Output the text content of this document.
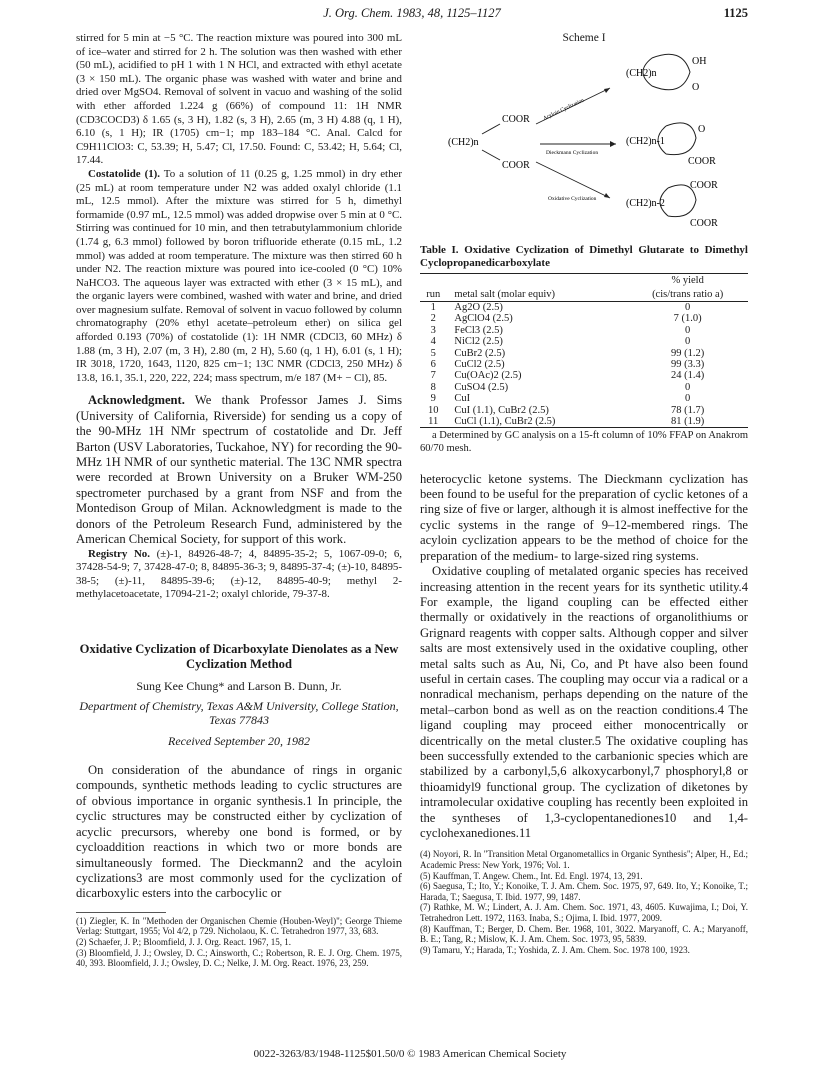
J. Org. Chem. 1983, 48, 1125–1127	1125

stirred for 5 min at −5 °C. The reaction mixture was poured into 300 mL of ice–water and stirred for 2 h. The solution was then washed with ether (50 mL), acidified to pH 1 with 1 N HCl, and extracted with ethyl acetate (3 × 150 mL). The organic phase was washed with water and brine and dried over MgSO4. Removal of solvent in vacuo and washing of the solid with ether afforded 1.224 g (66%) of compound 11: 1H NMR (CD3COCD3) δ 1.65 (s, 3 H), 1.82 (s, 3 H), 2.65 (m, 3 H) 4.88 (q, 1 H), 6.10 (s, 1 H); IR (1705) cm−1; mp 183–184 °C. Anal. Calcd for C9H11ClO3: C, 53.39; H, 5.47; Cl, 17.50. Found: C, 53.42; H, 5.64; Cl, 17.44.

Costatolide (1). To a solution of 11 (0.25 g, 1.25 mmol) in dry ether (25 mL) at room temperature under N2 was added oxalyl chloride (1.1 mL, 12.5 mmol). After the mixture was stirred for 5 h, dimethyl formamide (0.97 mL, 12.5 mmol) was added dropwise over 5 min at 0 °C. Stirring was continued for 10 min, and then tetrabutylammonium chloride (1.74 g, 6.3 mmol) followed by boron trifluoride etherate (0.15 mL, 1.2 mmol) was added at room temperature. The mixture was then stirred 60 h under N2. The reaction mixture was poured into ice-cooled (0 °C) 10% NaHCO3. The aqueous layer was extracted with ether (3 × 15 mL), and the organic layers were combined, washed with water and brine, and dried over magnesium sulfate. Removal of solvent in vacuo followed by column chromatography (20% ethyl acetate–petroleum ether) on silica gel afforded 0.193 (70%) of costatolide (1): 1H NMR (CDCl3, 60 MHz) δ 1.88 (m, 3 H), 2.07 (m, 3 H), 2.80 (m, 2 H), 5.60 (q, 1 H), 6.01 (s, 1 H); IR 3018, 1720, 1643, 1120, 825 cm−1; 13C NMR (CDCl3, 250 MHz) δ 13.8, 16.1, 35.1, 220, 222, 224; mass spectrum, m/e 187 (M+ − Cl), 85.

Acknowledgment. We thank Professor James J. Sims (University of California, Riverside) for sending us a copy of the 90-MHz 1H NMr spectrum of costatolide and Dr. Jeff Barton (USV Laboratories, Tuckahoe, NY) for recording the 90-MHz 1H NMR of our synthetic material. The 13C NMR spectra were recorded at Brown University on a Bruker WM-250 spectrometer purchased by a grant from NSF and from the Montedison Group of Milan. Acknowledgment is made to the donors of the Petroleum Research Fund, administered by the American Chemical Society, for support of this work.

Registry No. (±)-1, 84926-48-7; 4, 84895-35-2; 5, 1067-09-0; 6, 37428-54-9; 7, 37428-47-0; 8, 84895-36-3; 9, 84895-37-4; (±)-10, 84895-38-5; (±)-11, 84895-39-6; (±)-12, 84895-40-9; methyl 2-methylacetoacetate, 17094-21-2; oxalyl chloride, 79-37-8.

Oxidative Cyclization of Dicarboxylate Dienolates as a New Cyclization Method
Sung Kee Chung* and Larson B. Dunn, Jr.
Department of Chemistry, Texas A&M University, College Station, Texas 77843
Received September 20, 1982

On consideration of the abundance of rings in organic compounds, synthetic methods leading to cyclic structures are of obvious importance in organic synthesis.1 In principle, the cyclic structures may be constructed either by cyclization of acyclic precursors, whereby one bond is formed, or by cycloaddition reactions in which two or more bonds are simultaneously formed. The Dieckmann2 and the acyloin cyclizations3 are most commonly used for the cyclization of dicarboxylic esters into the carbocylic or

(1) Ziegler, K. In "Methoden der Organischen Chemie (Houben-Weyl)"; George Thieme Verlag: Stuttgart, 1955; Vol 4/2, p 729. Nicholaou, K. C. Tetrahedron 1977, 33, 683.
(2) Schaefer, J. P.; Bloomfield, J. J. Org. React. 1967, 15, 1.
(3) Bloomfield, J. J.; Owsley, D. C.; Ainsworth, C.; Robertson, R. E. J. Org. Chem. 1975, 40, 393. Bloomfield, J. J.; Owsley, D. C.; Nelke, J. M. Org. React. 1976, 23, 259.
Scheme I
COOR
(CH2)n
COOR
Acyloin Cyclization
Dieckmann Cyclization
Oxidative Cyclization
(CH2)n
OH
O
(CH2)n-1
O
COOR
(CH2)n-2
COOR
COOR
Table I. Oxidative Cyclization of Dimethyl Glutarate to Dimethyl Cyclopropanedicarboxylate
		% yield
run	metal salt (molar equiv)	(cis/trans ratio a)
1	Ag2O (2.5)	0
2	AgClO4 (2.5)	7 (1.0)
3	FeCl3 (2.5)	0
4	NiCl2 (2.5)	0
5	CuBr2 (2.5)	99 (1.2)
6	CuCl2 (2.5)	99 (3.3)
7	Cu(OAc)2 (2.5)	24 (1.4)
8	CuSO4 (2.5)	0
9	CuI	0
10	CuI (1.1), CuBr2 (2.5)	78 (1.7)
11	CuCl (1.1), CuBr2 (2.5)	81 (1.9)
a Determined by GC analysis on a 15-ft column of 10% FFAP on Anakrom 60/70 mesh.

heterocyclic ketone systems. The Dieckmann cyclization has been found to be useful for the preparation of cyclic ketones of a ring size of five or larger, although it is almost ineffective for the cyclic systems in the range of 9–12-membered rings. The acyloin cyclization appears to be the method of choice for the preparation of the medium- to large-sized ring systems.

Oxidative coupling of metalated organic species has received increasing attention in the recent years for its synthetic utility.4 For example, the ligand coupling can be effected either thermally or oxidatively in the reactions of organolithiums or Grignard reagents with copper salts. Although copper and silver salts are most extensively used in the oxidative coupling, other metal salts such as Au, Ni, Co, and Pt have also been found useful in certain cases. The coupling may occur via a radical or a nonradical mechanism, perhaps depending on the nature of the metal–carbon bond as well as on the reaction conditions.4 The ligand coupling may proceed either monocentrically or dicentrically on the metal cluster.5 The oxidative coupling has been successfully extended to the carbanionic species which are stabilized by a carbonyl,5,6 alkoxycarbonyl,7 phosphoryl,8 or thioamidyl9 functional group. The cyclization of diketones by intramolecular oxidative coupling has recently been exploited in the syntheses of 1,3-cyclopentanediones10 and 1,4-cyclohexanediones.11

(4) Noyori, R. In "Transition Metal Organometallics in Organic Synthesis"; Alper, H., Ed.; Academic Press: New York, 1976; Vol. 1.
(5) Kauffman, T. Angew. Chem., Int. Ed. Engl. 1974, 13, 291.
(6) Saegusa, T.; Ito, Y.; Konoike, T. J. Am. Chem. Soc. 1975, 97, 649. Ito, Y.; Konoike, T.; Harada, T.; Saegusa, T. Ibid. 1977, 99, 1487.
(7) Rathke, M. W.; Lindert, A. J. Am. Chem. Soc. 1971, 43, 4605. Kuwajima, I.; Doi, Y. Tetrahedron Lett. 1972, 1163. Inaba, S.; Ojima, I. Ibid. 1977, 2009.
(8) Kauffman, T.; Berger, D. Chem. Ber. 1968, 101, 3022. Maryanoff, C. A.; Maryanoff, B. E.; Tang, R.; Mislow, K. J. Am. Chem. Soc. 1973, 95, 5839.
(9) Tamaru, Y.; Harada, T.; Yoshida, Z. J. Am. Chem. Soc. 1978 100, 1923.
0022-3263/83/1948-1125$01.50/0 © 1983 American Chemical Society
